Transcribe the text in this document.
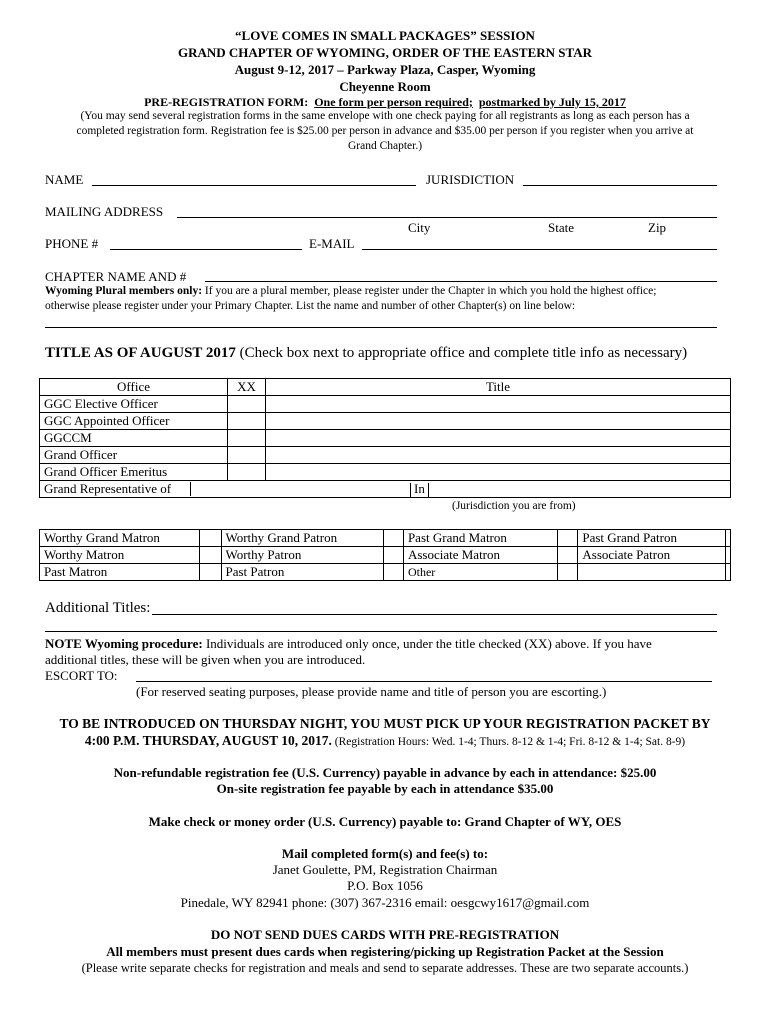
“LOVE COMES IN SMALL PACKAGES” SESSION
GRAND CHAPTER OF WYOMING, ORDER OF THE EASTERN STAR
August 9-12, 2017 – Parkway Plaza, Casper, Wyoming
Cheyenne Room
PRE-REGISTRATION FORM: One form per person required; postmarked by July 15, 2017
(You may send several registration forms in the same envelope with one check paying for all registrants as long as each person has a
completed registration form. Registration fee is $25.00 per person in advance and $35.00 per person if you register when you arrive at
Grand Chapter.)
NAME	JURISDICTION
MAILING ADDRESS
City	State	Zip
PHONE #	E-MAIL
CHAPTER NAME AND #
Wyoming Plural members only: If you are a plural member, please register under the Chapter in which you hold the highest office;
otherwise please register under your Primary Chapter. List the name and number of other Chapter(s) on line below:
TITLE AS OF AUGUST 2017 (Check box next to appropriate office and complete title info as necessary)
Office	XX	Title
GGC Elective Officer		
GGC Appointed Officer		
GGCCM		
Grand Officer		
Grand Officer Emeritus		
Grand Representative of In		
(Jurisdiction you are from)
Worthy Grand Matron		Worthy Grand Patron		Past Grand Matron		Past Grand Patron	
Worthy Matron		Worthy Patron		Associate Matron		Associate Patron	
Past Matron		Past Patron		Other			
Additional Titles:
NOTE Wyoming procedure: Individuals are introduced only once, under the title checked (XX) above. If you have
additional titles, these will be given when you are introduced.
ESCORT TO:
(For reserved seating purposes, please provide name and title of person you are escorting.)
TO BE INTRODUCED ON THURSDAY NIGHT, YOU MUST PICK UP YOUR REGISTRATION PACKET BY
4:00 P.M. THURSDAY, AUGUST 10, 2017. (Registration Hours: Wed. 1-4; Thurs. 8-12 & 1-4; Fri. 8-12 & 1-4; Sat. 8-9)
Non-refundable registration fee (U.S. Currency) payable in advance by each in attendance: $25.00
On-site registration fee payable by each in attendance $35.00
Make check or money order (U.S. Currency) payable to: Grand Chapter of WY, OES
Mail completed form(s) and fee(s) to:
Janet Goulette, PM, Registration Chairman
P.O. Box 1056
Pinedale, WY 82941 phone: (307) 367-2316 email: oesgcwy1617@gmail.com
DO NOT SEND DUES CARDS WITH PRE-REGISTRATION
All members must present dues cards when registering/picking up Registration Packet at the Session
(Please write separate checks for registration and meals and send to separate addresses. These are two separate accounts.)
